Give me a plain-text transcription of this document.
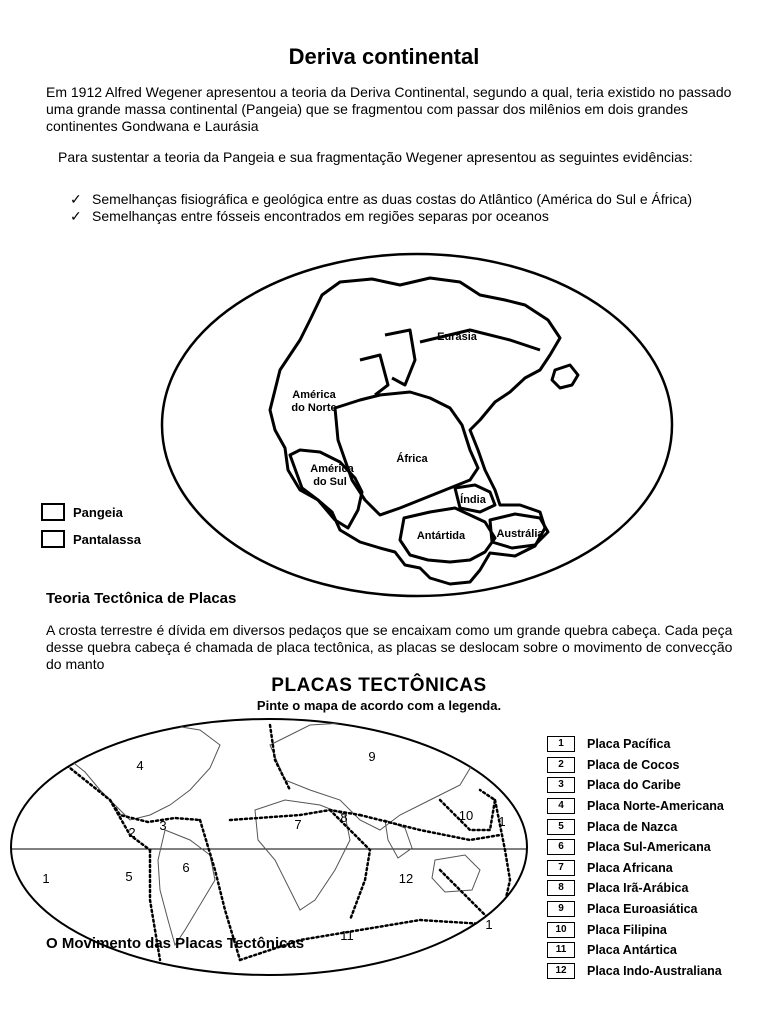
Deriva continental
Em 1912 Alfred Wegener apresentou a teoria da Deriva Continental, segundo a qual, teria existido no passado uma grande massa continental (Pangeia) que se fragmentou com passar dos milênios em dois grandes continentes Gondwana e Laurásia
Para sustentar a teoria da Pangeia e sua fragmentação Wegener apresentou as seguintes evidências:
✓ Semelhanças fisiográfica e geológica entre as duas costas do Atlântico (América do Sul e África)
✓ Semelhanças entre fósseis encontrados em regiões separas por oceanos
Eurásia
América
do Norte
África
América
do Sul
Índia
Antártida	Austrália
Pangeia
Pantalassa
Teoria Tectônica de Placas
A crosta terrestre é dívida em diversos pedaços que se encaixam como um grande quebra cabeça. Cada peça desse quebra cabeça é chamada de placa tectônica, as placas se deslocam sobre o movimento de convecção do manto
PLACAS TECTÔNICAS
Pinte o mapa de acordo com a legenda.
4
9
2 3	7	8	10 1
1	5
6
12
1
11
1	Placa Pacífica
2	Placa de Cocos
3	Placa do Caribe
4	Placa Norte-Americana
5	Placa de Nazca
6	Placa Sul-Americana
7	Placa Africana
8	Placa Irã-Arábica
9	Placa Euroasiática
10	Placa Filipina
11	Placa Antártica
12	Placa Indo-Australiana
O Movimento das Placas Tectônicas
